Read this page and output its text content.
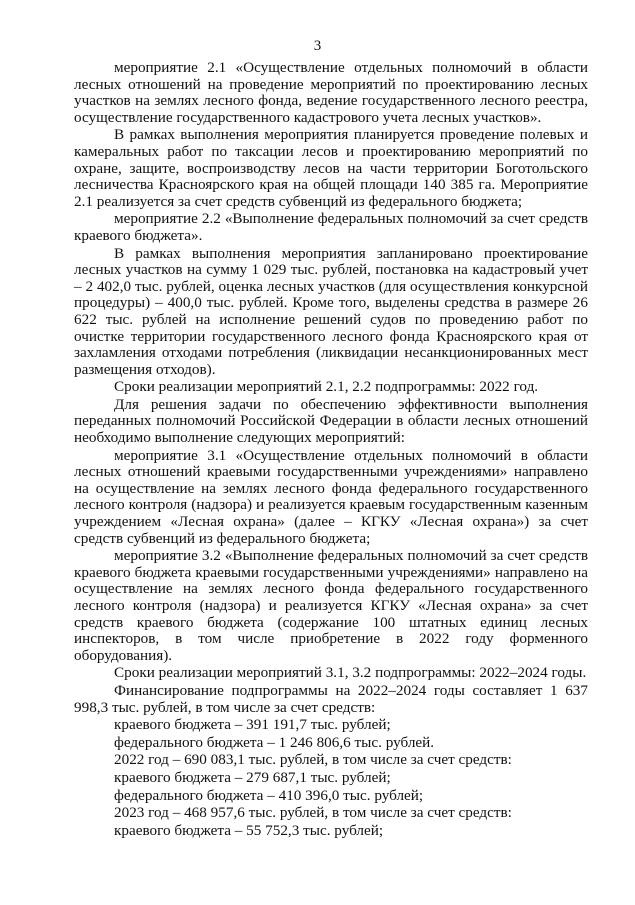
3

мероприятие 2.1 «Осуществление отдельных полномочий в области лесных отношений на проведение мероприятий по проектированию лесных участков на землях лесного фонда, ведение государственного лесного реестра, осуществление государственного кадастрового учета лесных участков».

В рамках выполнения мероприятия планируется проведение полевых и камеральных работ по таксации лесов и проектированию мероприятий по охране, защите, воспроизводству лесов на части территории Боготольского лесничества Красноярского края на общей площади 140 385 га. Мероприятие 2.1 реализуется за счет средств субвенций из федерального бюджета;

мероприятие 2.2 «Выполнение федеральных полномочий за счет средств краевого бюджета».

В рамках выполнения мероприятия запланировано проектирование лесных участков на сумму 1 029 тыс. рублей, постановка на кадастровый учет – 2 402,0 тыс. рублей, оценка лесных участков (для осуществления конкурсной процедуры) – 400,0 тыс. рублей. Кроме того, выделены средства в размере 26 622 тыс. рублей на исполнение решений судов по проведению работ по очистке территории государственного лесного фонда Красноярского края от захламления отходами потребления (ликвидации несанкционированных мест размещения отходов).

Сроки реализации мероприятий 2.1, 2.2 подпрограммы: 2022 год.

Для решения задачи по обеспечению эффективности выполнения переданных полномочий Российской Федерации в области лесных отношений необходимо выполнение следующих мероприятий:

мероприятие 3.1 «Осуществление отдельных полномочий в области лесных отношений краевыми государственными учреждениями» направлено на осуществление на землях лесного фонда федерального государственного лесного контроля (надзора) и реализуется краевым государственным казенным учреждением «Лесная охрана» (далее – КГКУ «Лесная охрана») за счет средств субвенций из федерального бюджета;

мероприятие 3.2 «Выполнение федеральных полномочий за счет средств краевого бюджета краевыми государственными учреждениями» направлено на осуществление на землях лесного фонда федерального государственного лесного контроля (надзора) и реализуется КГКУ «Лесная охрана» за счет средств краевого бюджета (содержание 100 штатных единиц лесных инспекторов, в том числе приобретение в 2022 году форменного оборудования).

Сроки реализации мероприятий 3.1, 3.2 подпрограммы: 2022–2024 годы.

Финансирование подпрограммы на 2022–2024 годы составляет 1 637 998,3 тыс. рублей, в том числе за счет средств:

краевого бюджета – 391 191,7 тыс. рублей;

федерального бюджета – 1 246 806,6 тыс. рублей.

2022 год – 690 083,1 тыс. рублей, в том числе за счет средств:

краевого бюджета – 279 687,1 тыс. рублей;

федерального бюджета – 410 396,0 тыс. рублей;

2023 год – 468 957,6 тыс. рублей, в том числе за счет средств:

краевого бюджета – 55 752,3 тыс. рублей;
